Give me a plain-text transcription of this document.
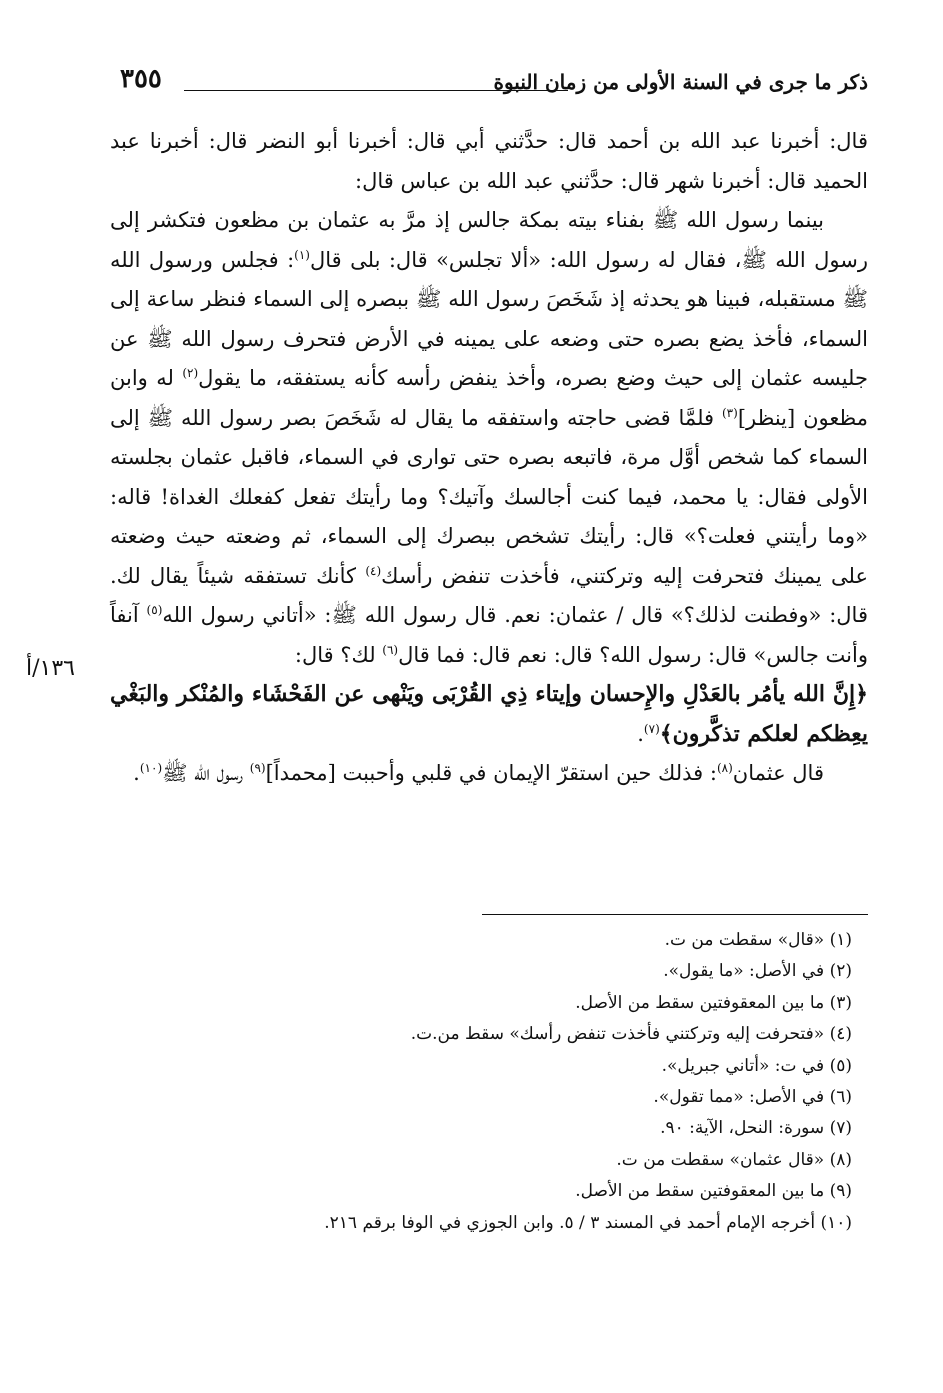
ذكر ما جرى في السنة الأولى من زمان النبوة
٣٥٥

قال: أخبرنا عبد الله بن أحمد قال: حدَّثني أبي قال: أخبرنا أبو النضر قال: أخبرنا عبد الحميد قال: أخبرنا شهر قال: حدَّثني عبد الله بن عباس قال:

بينما رسول الله ﷺ بفناء بيته بمكة جالس إذ مرَّ به عثمان بن مظعون فتكشر إلى رسول الله ﷺ، فقال له رسول الله: «ألا تجلس» قال: بلى قال$^{(١)}$: فجلس ورسول الله ﷺ مستقبله، فبينا هو يحدثه إذ شَخَصَ رسول الله ﷺ ببصره إلى السماء فنظر ساعة إلى السماء، فأخذ يضع بصره حتى وضعه على يمينه في الأرض فتحرف رسول الله ﷺ عن جليسه عثمان إلى حيث وضع بصره، وأخذ ينفض رأسه كأنه يستفقه، ما يقول$^{(٢)}$ له وابن مظعون [ينظر]$^{(٣)}$ فلمَّا قضى حاجته واستفقه ما يقال له شَخَصَ بصر رسول الله ﷺ إلى السماء كما شخص أوَّل مرة، فاتبعه بصره حتى توارى في السماء، فاقبل عثمان بجلسته الأولى فقال: يا محمد، فيما كنت أجالسك وآتيك؟ وما رأيتك تفعل كفعلك الغداة! قاله: «وما رأيتني فعلت؟» قال: رأيتك تشخص ببصرك إلى السماء، ثم وضعته حيث وضعته على يمينك فتحرفت إليه وتركتني، فأخذت تنفض رأسك$^{(٤)}$ كأنك تستفقه شيئاً يقال لك. قال: «وفطنت لذلك؟» قال / عثمان: نعم. قال رسول الله ﷺ: «أتاني رسول الله$^{(٥)}$ آنفاً وأنت جالس» قال: رسول الله؟ قال: نعم قال: فما قال$^{(٦)}$ لك؟ قال:

﴿إِنَّ الله يأمُر بالعَدْلِ والإِحسان وإيتاء ذِي القُرْبَى ويَنْهى عن الفَحْشَاء والمُنْكر والبَغْي يعِظكم لعلكم تذكَّرون﴾$^{(٧)}$.

قال عثمان$^{(٨)}$: فذلك حين استقرّ الإيمان في قلبي وأحببت [محمداً]$^{(٩)}$ رسول الله ﷺ$^{(١٠)}$.

١٣٦/أ
(١) «قال» سقطت من ت.
(٢) في الأصل: «ما يقول».
(٣) ما بين المعقوفتين سقط من الأصل.
(٤) «فتحرفت إليه وتركتني فأخذت تنفض رأسك» سقط من.ت.
(٥) في ت: «أتاني جبريل».
(٦) في الأصل: «مما تقول».
(٧) سورة: النحل، الآية: ٩٠.
(٨) «قال عثمان» سقطت من ت.
(٩) ما بين المعقوفتين سقط من الأصل.
(١٠) أخرجه الإمام أحمد في المسند ٣ / ٥. وابن الجوزي في الوفا برقم ٢١٦.
